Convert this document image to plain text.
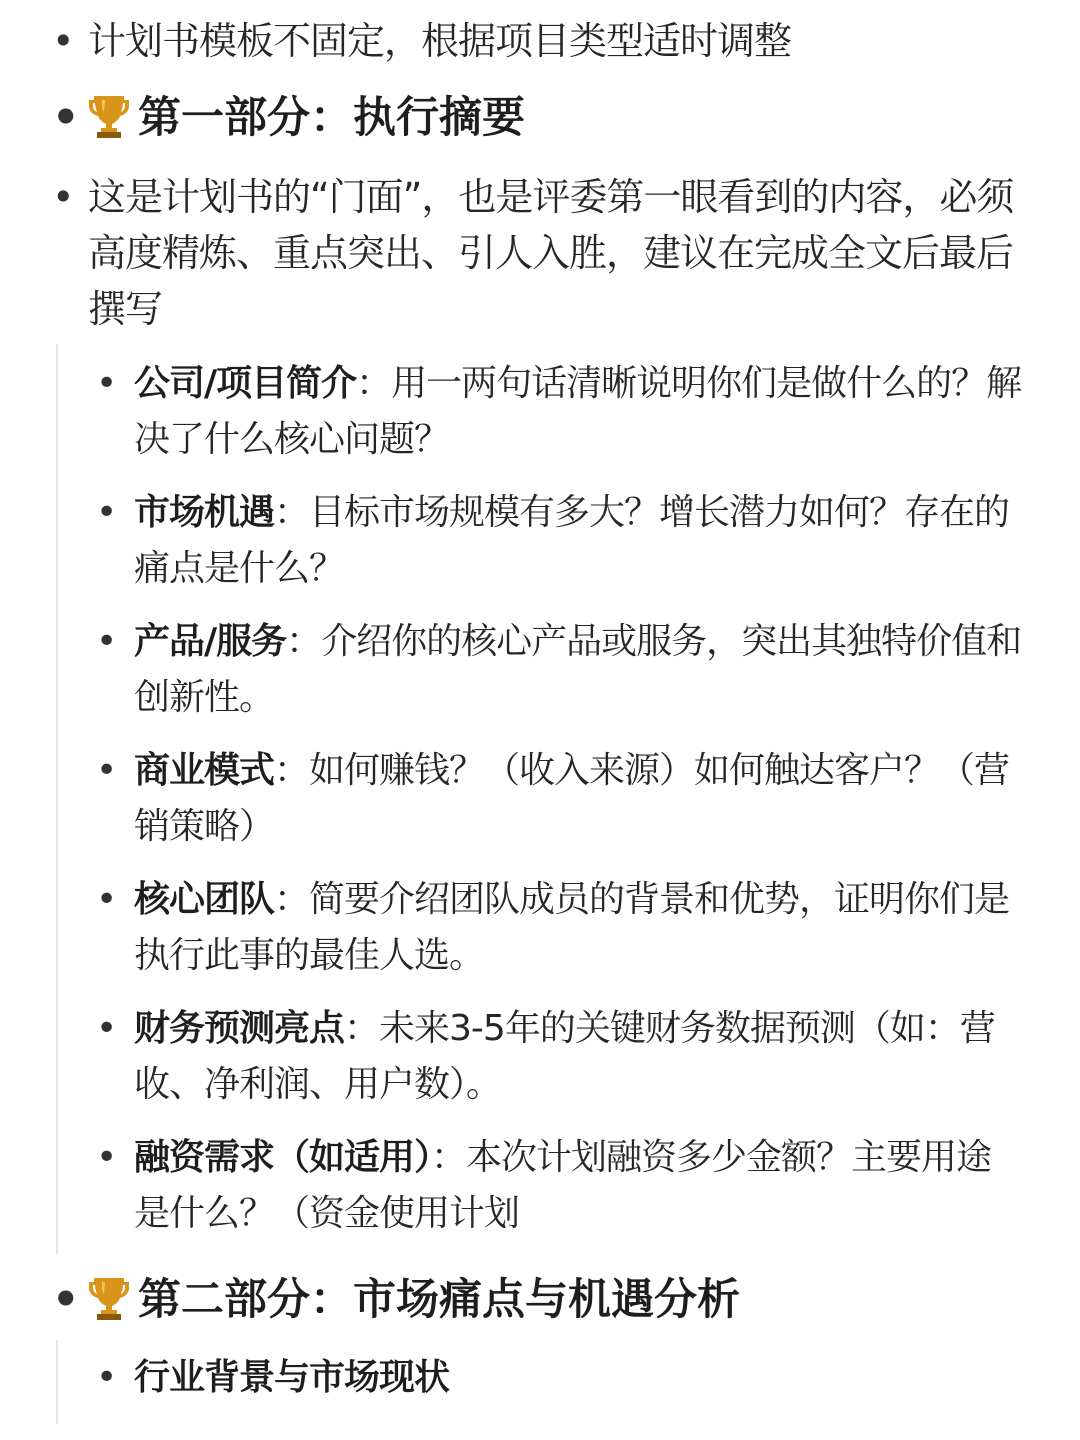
• 计划书模板不固定，根据项目类型适时调整
• 第一部分：执行摘要
• 这是计划书的“门面”，也是评委第一眼看到的内容，必须高度精炼、重点突出、引人入胜，建议在完成全文后最后撰写
• 公司/项目简介：用一两句话清晰说明你们是做什么的？解决了什么核心问题？
• 市场机遇：目标市场规模有多大？增长潜力如何？存在的痛点是什么？
• 产品/服务：介绍你的核心产品或服务，突出其独特价值和创新性。
• 商业模式：如何赚钱？（收入来源）如何触达客户？（营销策略）
• 核心团队：简要介绍团队成员的背景和优势，证明你们是执行此事的最佳人选。
• 财务预测亮点：未来3-5年的关键财务数据预测（如：营收、净利润、用户数）。
• 融资需求（如适用）：本次计划融资多少金额？主要用途是什么？（资金使用计划
• 第二部分：市场痛点与机遇分析
• 行业背景与市场现状
